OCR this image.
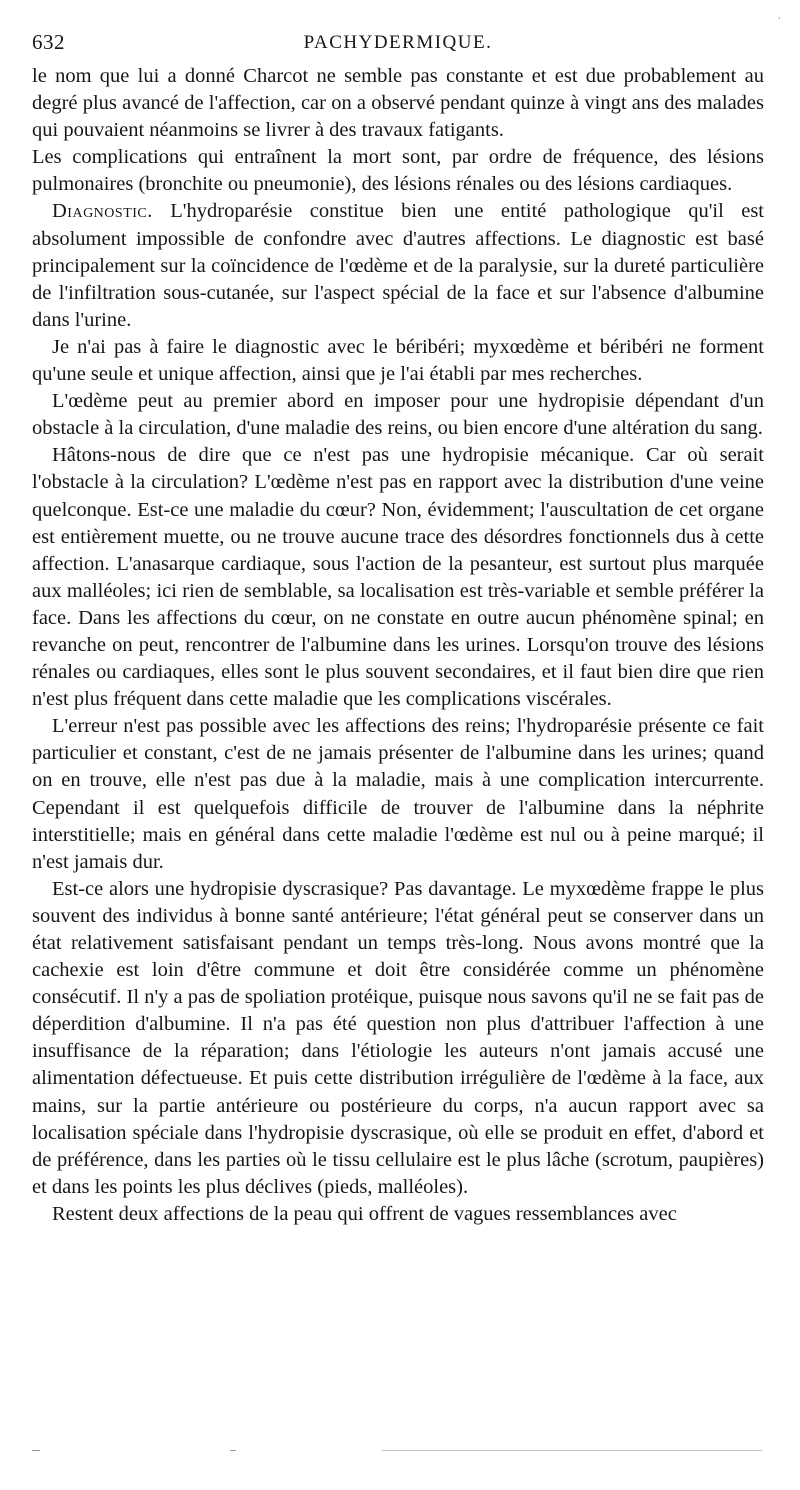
632	PACHYDERMIQUE.
'

le nom que lui a donné Charcot ne semble pas constante et est due probablement au degré plus avancé de l'affection, car on a observé pendant quinze à vingt ans des malades qui pouvaient néanmoins se livrer à des travaux fatigants.

Les complications qui entraînent la mort sont, par ordre de fréquence, des lésions pulmonaires (bronchite ou pneumonie), des lésions rénales ou des lésions cardiaques.

Diagnostic. L'hydroparésie constitue bien une entité pathologique qu'il est absolument impossible de confondre avec d'autres affections. Le diagnostic est basé principalement sur la coïncidence de l'œdème et de la paralysie, sur la dureté particulière de l'infiltration sous-cutanée, sur l'aspect spécial de la face et sur l'absence d'albumine dans l'urine.

Je n'ai pas à faire le diagnostic avec le béribéri; myxœdème et béribéri ne forment qu'une seule et unique affection, ainsi que je l'ai établi par mes recherches.

L'œdème peut au premier abord en imposer pour une hydropisie dépendant d'un obstacle à la circulation, d'une maladie des reins, ou bien encore d'une altération du sang.

Hâtons-nous de dire que ce n'est pas une hydropisie mécanique. Car où serait l'obstacle à la circulation? L'œdème n'est pas en rapport avec la distribution d'une veine quelconque. Est-ce une maladie du cœur? Non, évidemment; l'auscultation de cet organe est entièrement muette, ou ne trouve aucune trace des désordres fonctionnels dus à cette affection. L'anasarque cardiaque, sous l'action de la pesanteur, est surtout plus marquée aux malléoles; ici rien de semblable, sa localisation est très-variable et semble préférer la face. Dans les affections du cœur, on ne constate en outre aucun phénomène spinal; en revanche on peut, rencontrer de l'albumine dans les urines. Lorsqu'on trouve des lésions rénales ou cardiaques, elles sont le plus souvent secondaires, et il faut bien dire que rien n'est plus fréquent dans cette maladie que les complications viscérales.

L'erreur n'est pas possible avec les affections des reins; l'hydroparésie présente ce fait particulier et constant, c'est de ne jamais présenter de l'albumine dans les urines; quand on en trouve, elle n'est pas due à la maladie, mais à une complication intercurrente. Cependant il est quelquefois difficile de trouver de l'albumine dans la néphrite interstitielle; mais en général dans cette maladie l'œdème est nul ou à peine marqué; il n'est jamais dur.

Est-ce alors une hydropisie dyscrasique? Pas davantage. Le myxœdème frappe le plus souvent des individus à bonne santé antérieure; l'état général peut se conserver dans un état relativement satisfaisant pendant un temps très-long. Nous avons montré que la cachexie est loin d'être commune et doit être considérée comme un phénomène consécutif. Il n'y a pas de spoliation protéique, puisque nous savons qu'il ne se fait pas de déperdition d'albumine. Il n'a pas été question non plus d'attribuer l'affection à une insuffisance de la réparation; dans l'étiologie les auteurs n'ont jamais accusé une alimentation défectueuse. Et puis cette distribution irrégulière de l'œdème à la face, aux mains, sur la partie antérieure ou postérieure du corps, n'a aucun rapport avec sa localisation spéciale dans l'hydropisie dyscrasique, où elle se produit en effet, d'abord et de préférence, dans les parties où le tissu cellulaire est le plus lâche (scrotum, paupières) et dans les points les plus déclives (pieds, malléoles).

Restent deux affections de la peau qui offrent de vagues ressemblances avec
